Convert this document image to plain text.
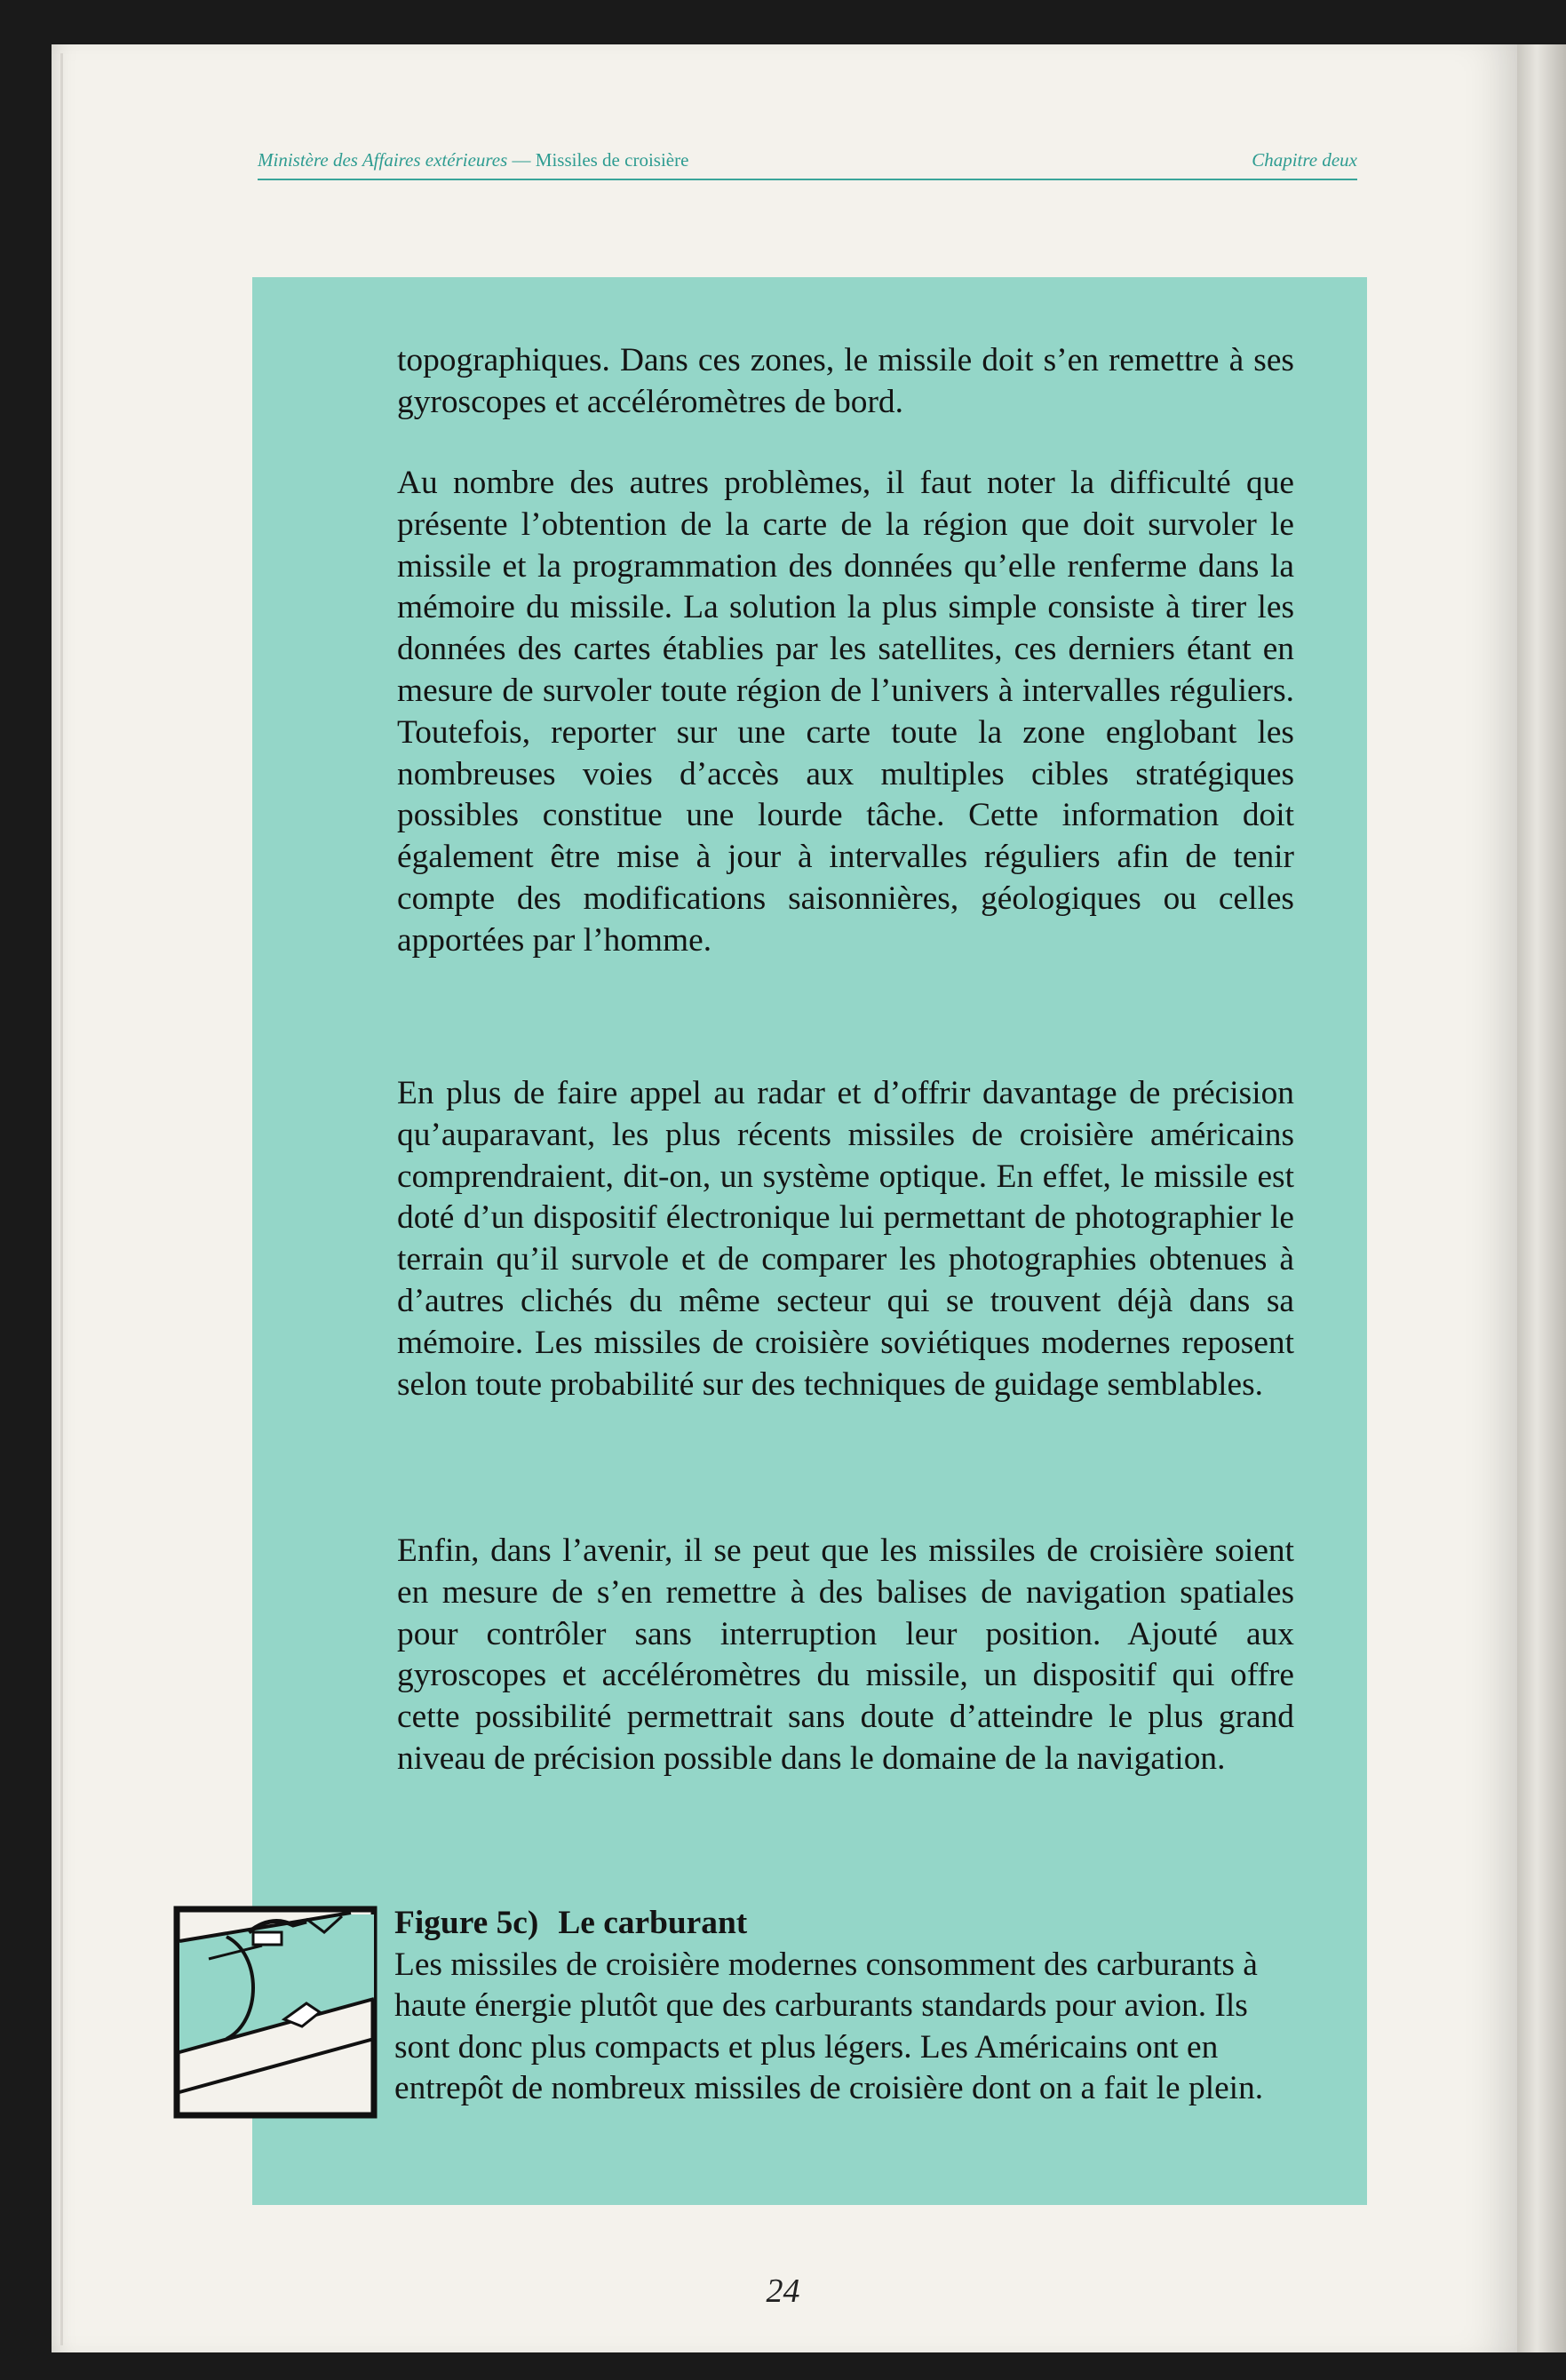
Ministère des Affaires extérieures — Missiles de croisière	Chapitre deux

topographiques. Dans ces zones, le missile doit s’en remettre à ses gyroscopes et accéléromètres de bord.

Au nombre des autres problèmes, il faut noter la difficulté que présente l’obtention de la carte de la région que doit survoler le missile et la programmation des données qu’elle renferme dans la mémoire du missile. La solution la plus simple consiste à tirer les données des cartes établies par les satellites, ces derniers étant en mesure de survoler toute région de l’univers à intervalles réguliers. Toutefois, reporter sur une carte toute la zone englobant les nombreuses voies d’accès aux multiples cibles stratégiques possibles constitue une lourde tâche. Cette information doit également être mise à jour à intervalles réguliers afin de tenir compte des modifications saisonnières, géologiques ou celles apportées par l’homme.

En plus de faire appel au radar et d’offrir davantage de précision qu’auparavant, les plus récents missiles de croisière américains comprendraient, dit-on, un système optique. En effet, le missile est doté d’un dispositif électronique lui permettant de photographier le terrain qu’il survole et de comparer les photographies obtenues à d’autres clichés du même secteur qui se trouvent déjà dans sa mémoire. Les missiles de croisière soviétiques modernes reposent selon toute probabilité sur des techniques de guidage semblables.

Enfin, dans l’avenir, il se peut que les missiles de croisière soient en mesure de s’en remettre à des balises de navigation spatiales pour contrôler sans interruption leur position. Ajouté aux gyroscopes et accéléromètres du missile, un dispositif qui offre cette possibilité permettrait sans doute d’atteindre le plus grand niveau de précision possible dans le domaine de la navigation.

Figure 5c) Le carburant
Les missiles de croisière modernes consomment des carburants à haute énergie plutôt que des carburants standards pour avion. Ils sont donc plus compacts et plus légers. Les Américains ont en entrepôt de nombreux missiles de croisière dont on a fait le plein.
24
